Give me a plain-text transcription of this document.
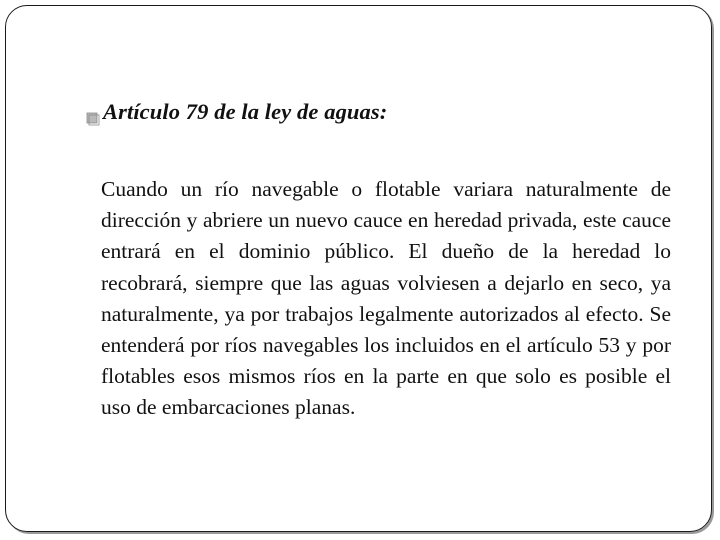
Artículo 79 de la ley de aguas:
Cuando un río navegable o flotable variara naturalmente de dirección y abriere un nuevo cauce en heredad privada, este cauce entrará en el dominio público. El dueño de la heredad lo recobrará, siempre que las aguas volviesen a dejarlo en seco, ya naturalmente, ya por trabajos legalmente autorizados al efecto. Se entenderá por ríos navegables los incluidos en el artículo 53 y por flotables esos mismos ríos en la parte en que solo es posible el uso de embarcaciones planas.
